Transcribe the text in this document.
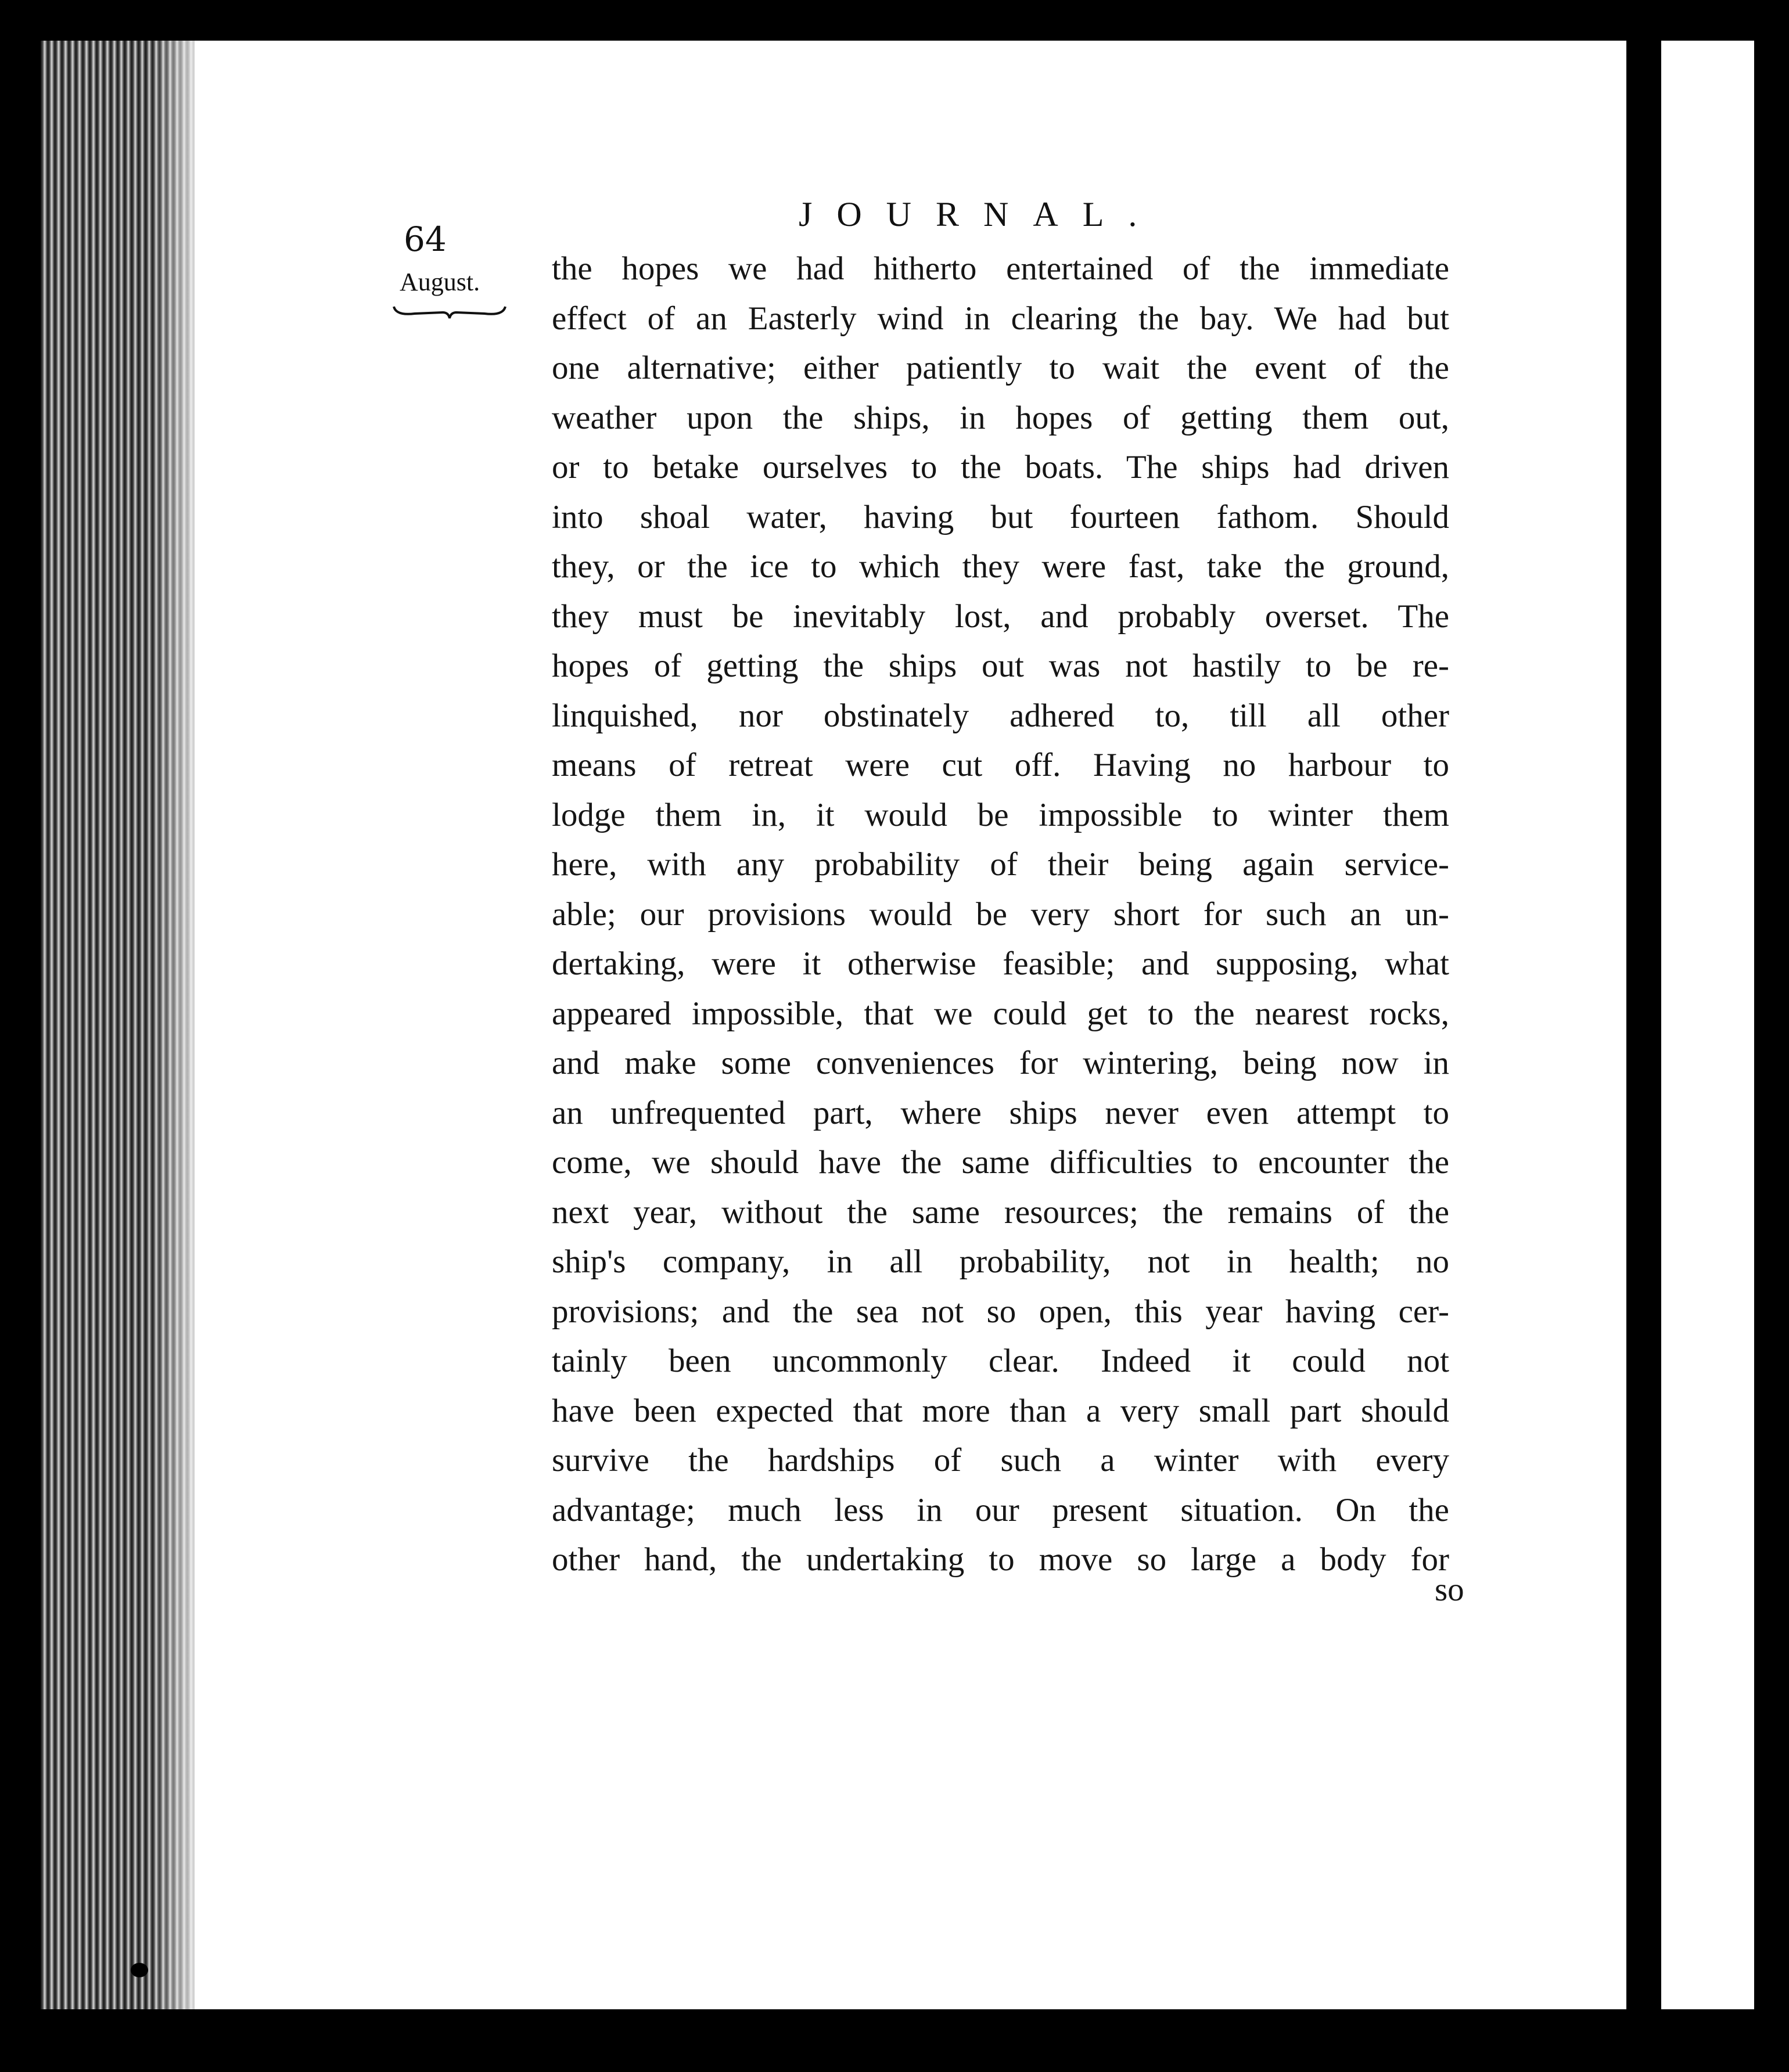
64
JOURNAL.
August. the hopes we had hitherto entertained of the immediate
effect of an Easterly wind in clearing the bay. We had but
one alternative; either patiently to wait the event of the
weather upon the ships, in hopes of getting them out,
or to betake ourselves to the boats. The ships had driven
into shoal water, having but fourteen fathom. Should
they, or the ice to which they were fast, take the ground,
they must be inevitably lost, and probably overset. The
hopes of getting the ships out was not hastily to be re-
linquished, nor obstinately adhered to, till all other
means of retreat were cut off. Having no harbour to
lodge them in, it would be impossible to winter them
here, with any probability of their being again service-
able; our provisions would be very short for such an un-
dertaking, were it otherwise feasible; and supposing, what
appeared impossible, that we could get to the nearest rocks,
and make some conveniences for wintering, being now in
an unfrequented part, where ships never even attempt to
come, we should have the same difficulties to encounter the
next year, without the same resources; the remains of the
ship's company, in all probability, not in health; no
provisions; and the sea not so open, this year having cer-
tainly been uncommonly clear. Indeed it could not
have been expected that more than a very small part should
survive the hardships of such a winter with every
advantage; much less in our present situation. On the
other hand, the undertaking to move so large a body for
so
